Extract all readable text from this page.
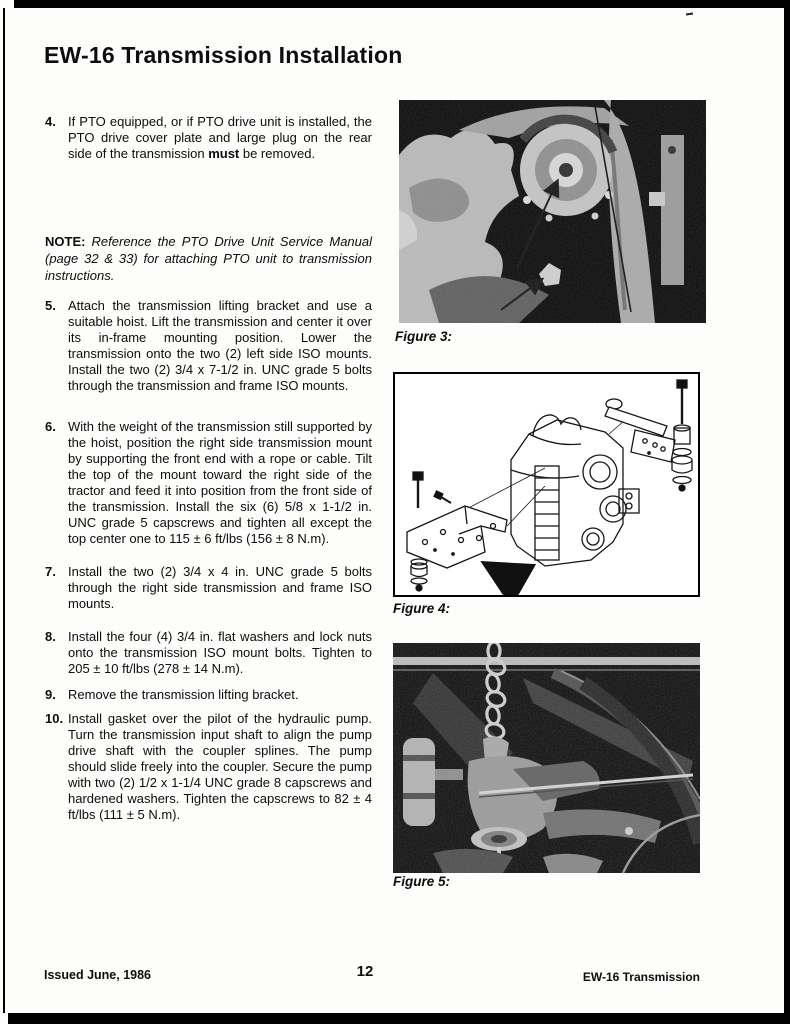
EW-16 Transmission Installation
4. If PTO equipped, or if PTO drive unit is installed, the PTO drive cover plate and large plug on the rear side of the transmission must be removed.
NOTE: Reference the PTO Drive Unit Service Manual (page 32 & 33) for attaching PTO unit to transmission instructions.
5. Attach the transmission lifting bracket and use a suitable hoist. Lift the transmission and center it over its in-frame mounting position. Lower the transmission onto the two (2) left side ISO mounts. Install the two (2) 3/4 x 7-1/2 in. UNC grade 5 bolts through the transmission and frame ISO mounts.
6. With the weight of the transmission still supported by the hoist, position the right side transmission mount by supporting the front end with a rope or cable. Tilt the top of the mount toward the right side of the tractor and feed it into position from the front side of the transmission. Install the six (6) 5/8 x 1-1/2 in. UNC grade 5 capscrews and tighten all except the top center one to 115 ± 6 ft/lbs (156 ± 8 N.m).
7. Install the two (2) 3/4 x 4 in. UNC grade 5 bolts through the right side transmission and frame ISO mounts.
8. Install the four (4) 3/4 in. flat washers and lock nuts onto the transmission ISO mount bolts. Tighten to 205 ± 10 ft/lbs (278 ± 14 N.m).
9. Remove the transmission lifting bracket.
10. Install gasket over the pilot of the hydraulic pump. Turn the transmission input shaft to align the pump drive shaft with the coupler splines. The pump should slide freely into the coupler. Secure the pump with two (2) 1/2 x 1-1/4 UNC grade 8 capscrews and hardened washers. Tighten the capscrews to 82 ± 4 ft/lbs (111 ± 5 N.m).
Figure 3:
Figure 4:
Figure 5:
Issued June, 1986	12	EW-16 Transmission
